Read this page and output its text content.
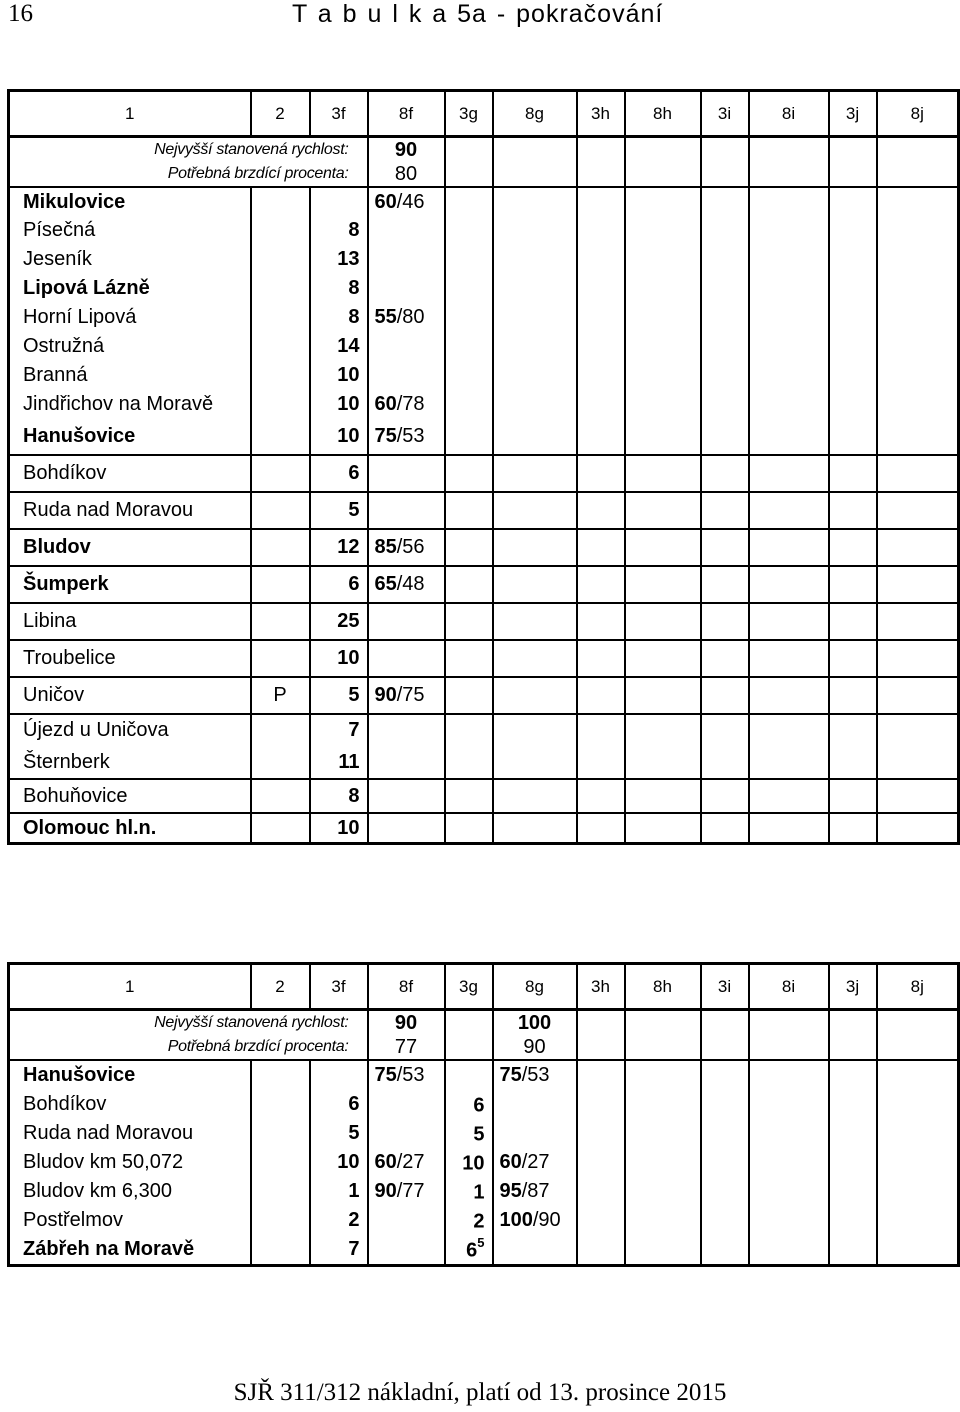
16	T a b u l k a 5a - pokračování
1	2	3f	8f	3g	8g	3h	8h	3i	8i	3j	8j
Nejvyšší stanovená rychlost:			90								
Potřebná brzdící procenta:			80								
Mikulovice			60/46								
Písečná		8									
Jeseník		13									
Lipová Lázně		8									
Horní Lipová		8	55/80								
Ostružná		14									
Branná		10									
Jindřichov na Moravě		10	60/78								
Hanušovice		10	75/53								
Bohdíkov		6									
Ruda nad Moravou		5									
Bludov		12	85/56								
Šumperk		6	65/48								
Libina		25									
Troubelice		10									
Uničov	P	5	90/75								
Újezd u Uničova		7									
Šternberk		11									
Bohuňovice		8									
Olomouc hl.n.		10									
1	2	3f	8f	3g	8g	3h	8h	3i	8i	3j	8j
Nejvyšší stanovená rychlost:			90		100						
Potřebná brzdící procenta:			77		90						
Hanušovice			75/53		75/53						
Bohdíkov		6		6							
Ruda nad Moravou		5		5							
Bludov km 50,072		10	60/27	10	60/27						
Bludov km 6,300		1	90/77	1	95/87						
Postřelmov		2		2	100/90						
Zábřeh na Moravě		7		$6^5$							
SJŘ 311/312 nákladní, platí od 13. prosince 2015
